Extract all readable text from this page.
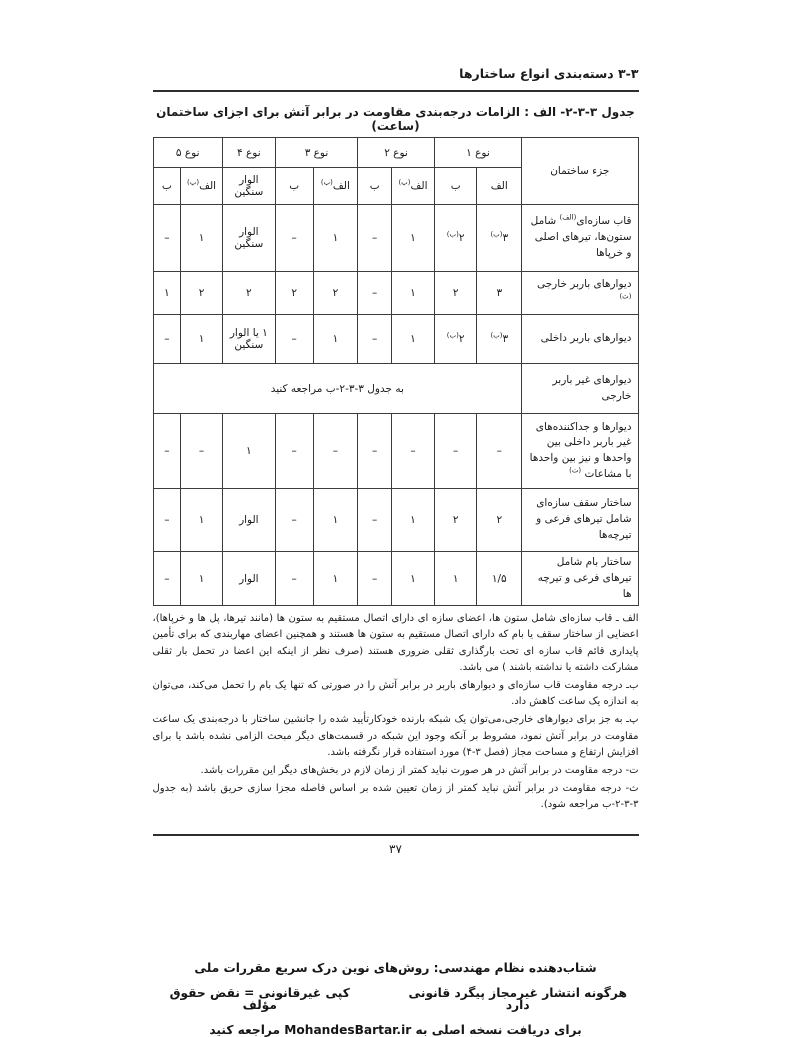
۳-۳ دسته‌بندی انواع ساختارها

جدول ۳-۳-۲- الف : الزامات درجه‌بندی مقاومت در برابر آتش برای اجزای ساختمان (ساعت)

جزء ساختمان	نوع ۱		نوع ۲		نوع ۳		نوع ۴	نوع ۵	
	الف	ب	الف$^{(پ)}$	ب	الف$^{(پ)}$	ب	الوار سنگین	الف$^{(پ)}$	ب
قاب سازه‌ای$^{(الف)}$ شامل ستون‌ها، تیرهای اصلی و خرپاها	$۳^{(ب)}$	$۲^{(ب)}$	۱	–	۱	–	الوار سنگین	۱	–
دیوارهای باربر خارجی $^{(ث)}$	۳	۲	۱	–	۲	۲	۲	۲	۱
دیوارهای باربر داخلی	$۳^{(ب)}$	$۲^{(ب)}$	۱	–	۱	–	۱ یا الوار سنگین	۱	–
دیوارهای غیر باربر خارجی	به جدول ۳-۳-۲-ب مراجعه کنید								
دیوارها و جداکننده‌های غیر باربر داخلی بین واحدها و نیز بین واحدها با مشاعات $^{(ت)}$	–	–	–	–	–	–	۱	–	–
ساختار سقف سازه‌ای شامل تیرهای فرعی و تیرچه‌ها	۲	۲	۱	–	۱	–	الوار	۱	–
ساختار بام شامل تیرهای فرعی و تیرچه ها	۱/۵	۱	۱	–	۱	–	الوار	۱	–

الف ـ قاب سازه‌ای شامل ستون ها، اعضای سازه ای دارای اتصال مستقیم به ستون ها (مانند تیرها، پل ها و خرپاها)، اعضایی از ساختار سقف یا بام که دارای اتصال مستقیم به ستون ها هستند و همچنین اعضای مهاربندی که برای تأمین پایداری قائم قاب سازه ای تحت بارگذاری ثقلی ضروری هستند (صرف نظر از اینکه این اعضا در تحمل بار ثقلی مشارکت داشته یا نداشته باشند ) می باشد.

ب‌ـ درجه مقاومت قاب سازه‌ای و دیوارهای باربر در برابر آتش را در صورتی که تنها یک بام را تحمل می‌کند، می‌توان به اندازه یک ساعت کاهش داد.

پ‌ـ به جز برای دیوارهای خارجی،می‌توان یک شبکه بارنده خودکارتأیید شده را جانشین ساختار با درجه‌بندی یک ساعت مقاومت در برابر آتش نمود، مشروط بر آنکه وجود این شبکه در قسمت‌های دیگر مبحث الزامی نشده باشد یا برای افزایش ارتفاع و مساحت مجاز (فصل ۳-۴) مورد استفاده قرار نگرفته باشد.

ت- درجه مقاومت در برابر آتش در هر صورت نباید کمتر از زمان لازم در بخش‌های دیگر این مقررات باشد.

ث- درجه مقاومت در برابر آتش نباید کمتر از زمان تعیین شده بر اساس فاصله مجزا سازی حریق باشد (به جدول ۳-۳-۲-ب مراجعه شود).

۳۷
شتاب‌دهنده نظام مهندسی: روش‌های نوین درک سریع مقررات ملی
هرگونه انتشار غیرمجاز پیگرد قانونی دارد
کپی غیرقانونی = نقض حقوق مؤلف
برای دریافت نسخه اصلی به MohandesBartar.ir مراجعه کنید
